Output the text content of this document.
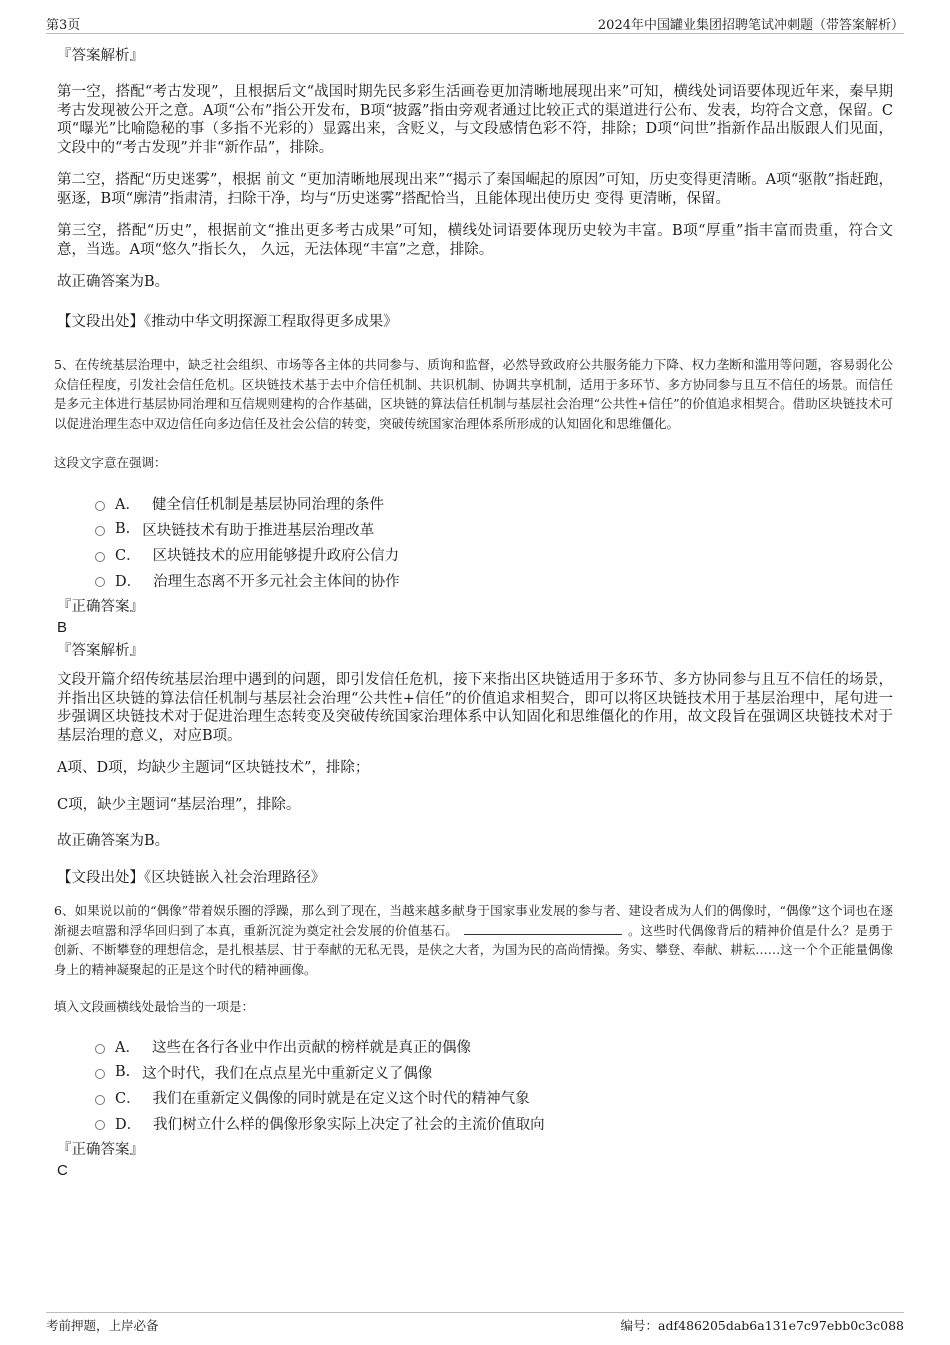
第3页	2024年中国罐业集团招聘笔试冲刺题（带答案解析）
『答案解析』

第一空，搭配“考古发现”，且根据后文“战国时期先民多彩生活画卷更加清晰地展现出来”可知，横线处词语要体现近年来，秦早期考古发现被公开之意。A项“公布”指公开发布，B项“披露”指由旁观者通过比较正式的渠道进行公布、发表，均符合文意，保留。C项“曝光”比喻隐秘的事（多指不光彩的）显露出来，含贬义，与文段感情色彩不符，排除；D项“问世”指新作品出版跟人们见面，文段中的“考古发现”并非“新作品”，排除。

第二空，搭配“历史迷雾”，根据 前文 “更加清晰地展现出来”“揭示了秦国崛起的原因”可知，历史变得更清晰。A项“驱散”指赶跑，驱逐，B项“廓清”指肃清，扫除干净，均与“历史迷雾”搭配恰当，且能体现出使历史 变得 更清晰，保留。

第三空，搭配“历史”，根据前文“推出更多考古成果”可知，横线处词语要体现历史较为丰富。B项“厚重”指丰富而贵重，符合文意，当选。A项“悠久”指长久， 久远，无法体现“丰富”之意，排除。

故正确答案为B。

【文段出处】《推动中华文明探源工程取得更多成果》

5、在传统基层治理中，缺乏社会组织、市场等各主体的共同参与、质询和监督，必然导致政府公共服务能力下降、权力垄断和滥用等问题，容易弱化公众信任程度，引发社会信任危机。区块链技术基于去中介信任机制、共识机制、协调共享机制，适用于多环节、多方协同参与且互不信任的场景。而信任是多元主体进行基层协同治理和互信规则建构的合作基础，区块链的算法信任机制与基层社会治理“公共性+信任”的价值追求相契合。借助区块链技术可以促进治理生态中双边信任向多边信任及社会公信的转变，突破传统国家治理体系所形成的认知固化和思维僵化。

这段文字意在强调：

A． 健全信任机制是基层协同治理的条件
B. 区块链技术有助于推进基层治理改革
C． 区块链技术的应用能够提升政府公信力
D． 治理生态离不开多元社会主体间的协作
『正确答案』
B
『答案解析』

文段开篇介绍传统基层治理中遇到的问题，即引发信任危机，接下来指出区块链适用于多环节、多方协同参与且互不信任的场景，并指出区块链的算法信任机制与基层社会治理“公共性+信任”的价值追求相契合，即可以将区块链技术用于基层治理中，尾句进一步强调区块链技术对于促进治理生态转变及突破传统国家治理体系中认知固化和思维僵化的作用，故文段旨在强调区块链技术对于基层治理的意义，对应B项。

A项、D项，均缺少主题词“区块链技术”，排除；

C项，缺少主题词“基层治理”，排除。

故正确答案为B。

【文段出处】《区块链嵌入社会治理路径》

6、如果说以前的“偶像”带着娱乐圈的浮躁，那么到了现在，当越来越多献身于国家事业发展的参与者、建设者成为人们的偶像时，“偶像”这个词也在逐渐褪去喧嚣和浮华回归到了本真，重新沉淀为奠定社会发展的价值基石。	。这些时代偶像背后的精神价值是什么？是勇于创新、不断攀登的理想信念，是扎根基层、甘于奉献的无私无畏，是侠之大者，为国为民的高尚情操。务实、攀登、奉献、耕耘……这一个个正能量偶像身上的精神凝聚起的正是这个时代的精神画像。

填入文段画横线处最恰当的一项是：

A． 这些在各行各业中作出贡献的榜样就是真正的偶像
B. 这个时代，我们在点点星光中重新定义了偶像
C． 我们在重新定义偶像的同时就是在定义这个时代的精神气象
D． 我们树立什么样的偶像形象实际上决定了社会的主流价值取向
『正确答案』
C
考前押题，上岸必备	编号：adf486205dab6a131e7c97ebb0c3c088
